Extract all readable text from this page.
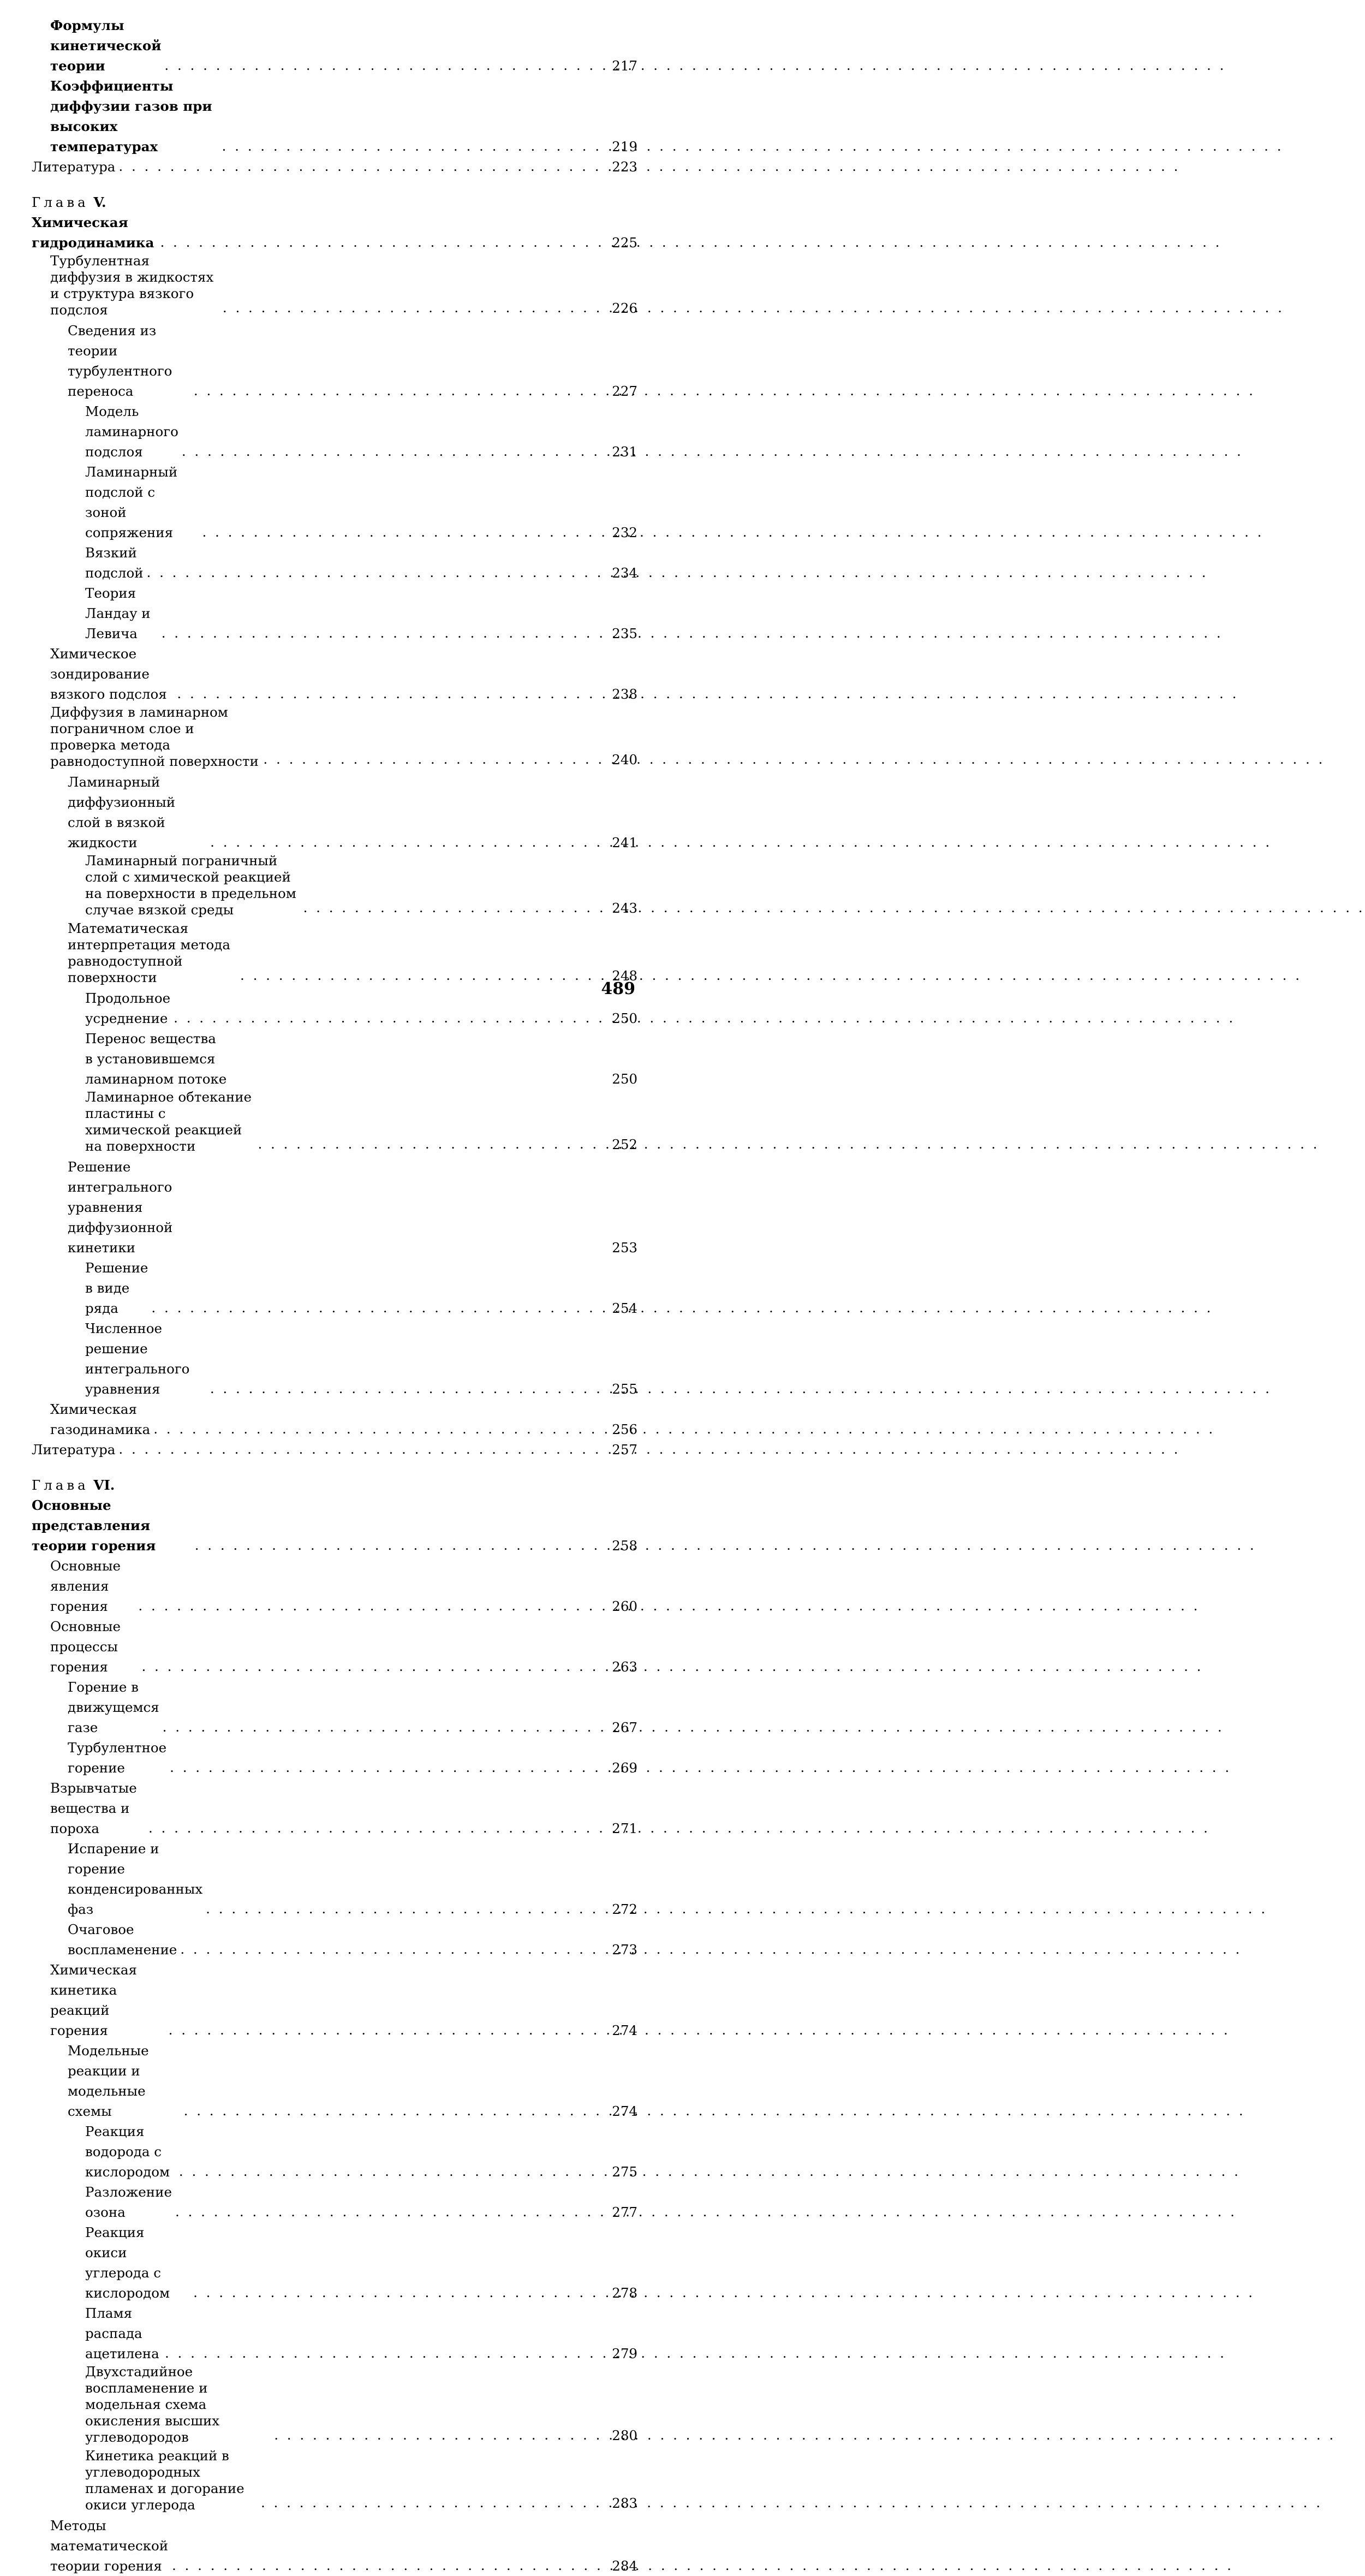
Формулы кинетической теории . . .	217
Коэффициенты диффузии газов при высоких температурах . . .	219
Литература . . .	223
Глава V. Химическая гидродинамика . . .	225
Турбулентная диффузия в жидкостях и структура вязкого подслоя . . .	226
Сведения из теории турбулентного переноса . . .	227
Модель ламинарного подслоя . . .	231
Ламинарный подслой с зоной сопряжения . . .	232
Вязкий подслой . . .	234
Теория Ландау и Левича . . .	235
Химическое зондирование вязкого подслоя . . .	238
Диффузия в ламинарном пограничном слое и проверка метода равнодоступной поверхности . . .	240
Ламинарный диффузионный слой в вязкой жидкости . . .	241
Ламинарный пограничный слой с химической реакцией на поверхности в предельном случае вязкой среды . . .	243
Математическая интерпретация метода равнодоступной поверхности . . .	248
Продольное усреднение . . .	250
Перенос вещества в установившемся ламинарном потоке	250
Ламинарное обтекание пластины с химической реакцией на поверхности . . .	252
Решение интегрального уравнения диффузионной кинетики	253
Решение в виде ряда . . .	254
Численное решение интегрального уравнения . . .	255
Химическая газодинамика . . .	256
Литература . . .	257
Глава VI. Основные представления теории горения . . .	258
Основные явления горения . . .	260
Основные процессы горения . . .	263
Горение в движущемся газе . . .	267
Турбулентное горение . . .	269
Взрывчатые вещества и пороха . . .	271
Испарение и горение конденсированных фаз . . .	272
Очаговое воспламенение . . .	273
Химическая кинетика реакций горения . . .	274
Модельные реакции и модельные схемы . . .	274
Реакция водорода с кислородом . . .	275
Разложение озона . . .	277
Реакция окиси углерода с кислородом . . .	278
Пламя распада ацетилена . . .	279
Двухстадийное воспламенение и модельная схема окисления высших углеводородов . . .	280
Кинетика реакций в углеводородных пламенах и догорание окиси углерода . . .	283
Методы математической теории горения . . .	284
489
